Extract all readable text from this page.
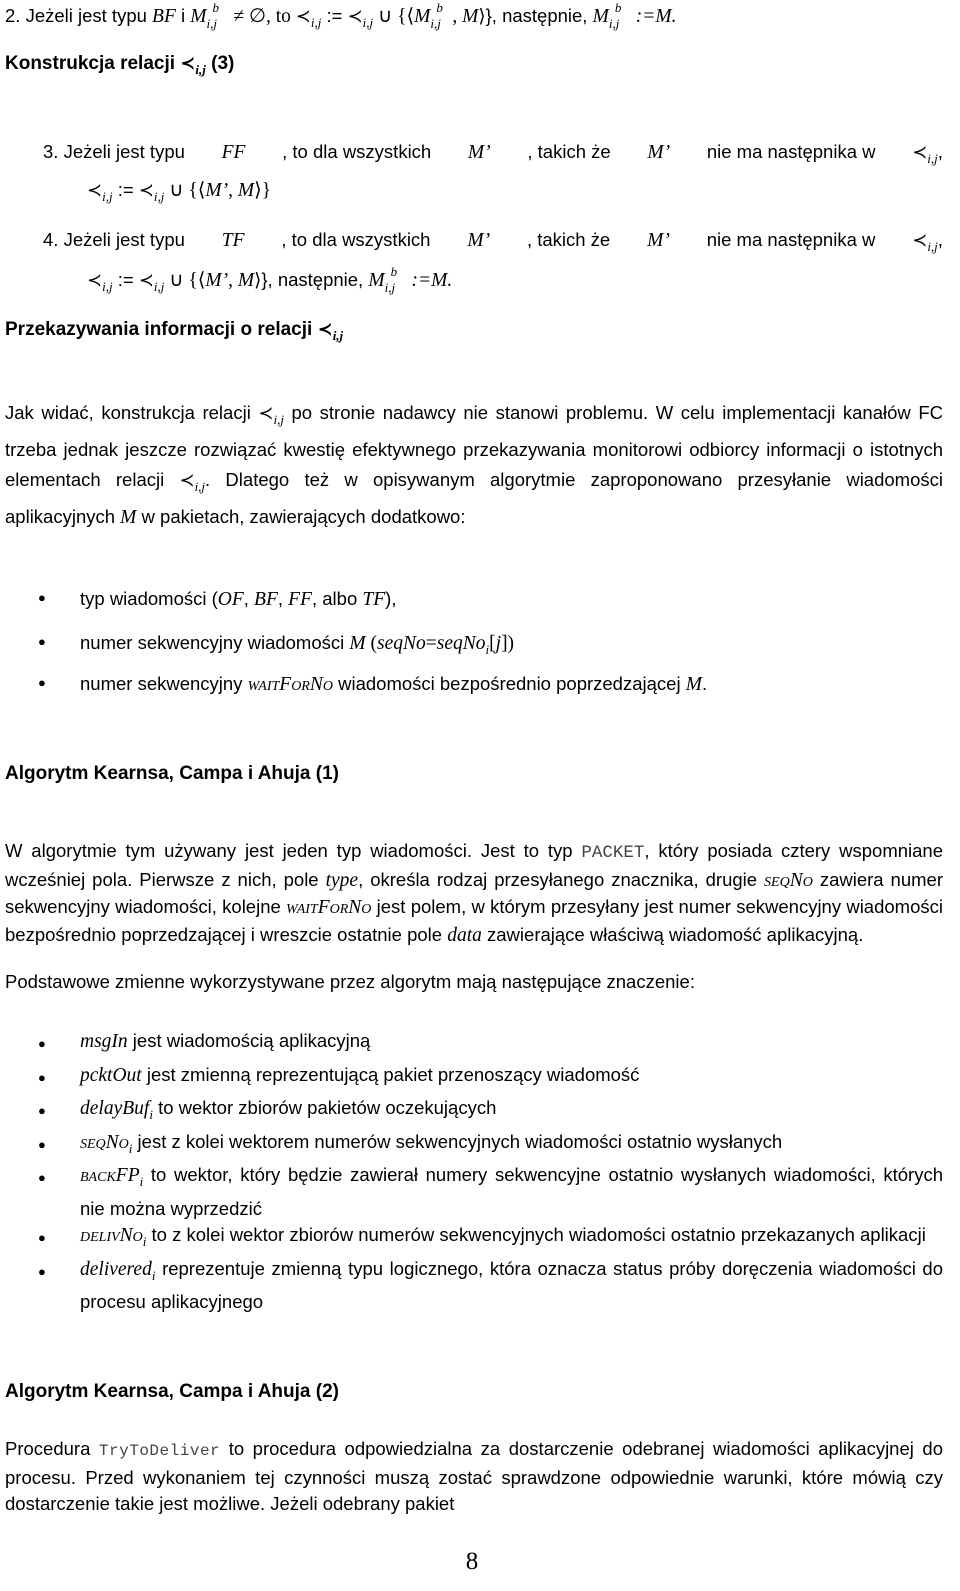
2. Jeżeli jest typu BF i M b
i,j ≠ ∅, to $≺_{i,j}$ := $≺_{i,j}$ ∪ {⟨M b
i,j , M⟩}, następnie, M b
i,j :=M.
Konstrukcja relacji $≺_{i,j}$ (3)
3. Jeżeli jest typu FF , to dla wszystkich M’ , takich że M’ nie ma następnika w $≺_{i,j}$,
$≺_{i,j}$ := $≺_{i,j}$ ∪ {⟨M’, M⟩}
4. Jeżeli jest typu TF , to dla wszystkich M’ , takich że M’ nie ma następnika w $≺_{i,j}$,
$≺_{i,j}$ := $≺_{i,j}$ ∪ {⟨M’, M⟩}, następnie, M b
i,j :=M.
Przekazywania informacji o relacji $≺_{i,j}$
Jak widać, konstrukcja relacji $≺_{i,j}$ po stronie nadawcy nie stanowi problemu. W celu implementacji kanałów FC trzeba jednak jeszcze rozwiązać kwestię efektywnego przekazywania monitorowi odbiorcy informacji o istotnych elementach relacji $≺_{i,j}$. Dlatego też w opisywanym algorytmie zaproponowano przesyłanie wiadomości aplikacyjnych M w pakietach, zawierających dodatkowo:
● typ wiadomości (OF, BF, FF, albo TF),
● numer sekwencyjny wiadomości M (seqNo=seqNo$_i$[j])
● numer sekwencyjny waitForNo wiadomości bezpośrednio poprzedzającej M.
Algorytm Kearnsa, Campa i Ahuja (1)
W algorytmie tym używany jest jeden typ wiadomości. Jest to typ PACKET, który posiada cztery wspomniane wcześniej pola. Pierwsze z nich, pole type, określa rodzaj przesyłanego znacznika, drugie seqNo zawiera numer sekwencyjny wiadomości, kolejne waitForNo jest polem, w którym przesyłany jest numer sekwencyjny wiadomości bezpośrednio poprzedzającej i wreszcie ostatnie pole data zawierające właściwą wiadomość aplikacyjną.
Podstawowe zmienne wykorzystywane przez algorytm mają następujące znaczenie:
● msgIn jest wiadomością aplikacyjną
● pcktOut jest zmienną reprezentującą pakiet przenoszący wiadomość
● delayBuf$_i$ to wektor zbiorów pakietów oczekujących
● seqNo$_i$ jest z kolei wektorem numerów sekwencyjnych wiadomości ostatnio wysłanych
● backFP$_i$ to wektor, który będzie zawierał numery sekwencyjne ostatnio wysłanych wiadomości, których nie można wyprzedzić
● delivNo$_i$ to z kolei wektor zbiorów numerów sekwencyjnych wiadomości ostatnio przekazanych aplikacji
● delivered$_i$ reprezentuje zmienną typu logicznego, która oznacza status próby doręczenia wiadomości do procesu aplikacyjnego
Algorytm Kearnsa, Campa i Ahuja (2)
Procedura TryToDeliver to procedura odpowiedzialna za dostarczenie odebranej wiadomości aplikacyjnej do procesu. Przed wykonaniem tej czynności muszą zostać sprawdzone odpowiednie warunki, które mówią czy dostarczenie takie jest możliwe. Jeżeli odebrany pakiet
8
